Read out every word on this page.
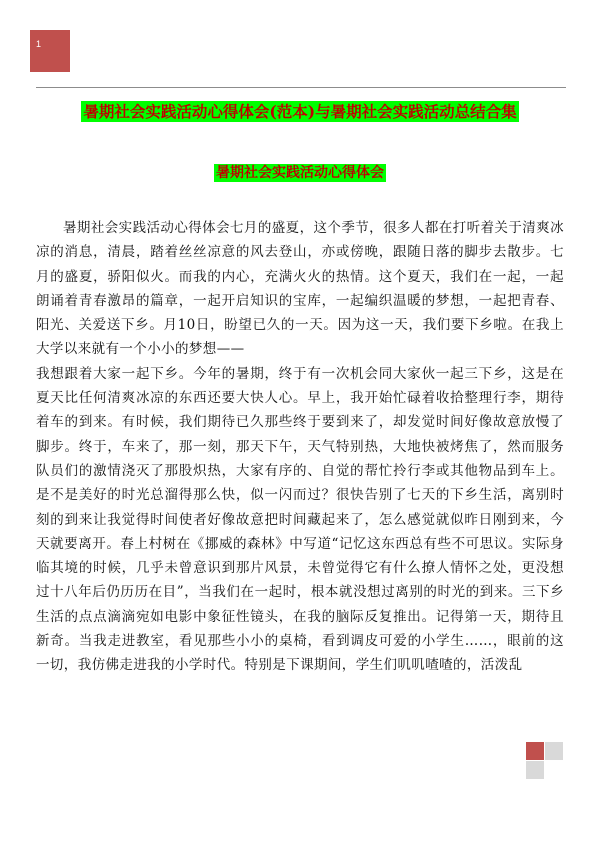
1
暑期社会实践活动心得体会(范本)与暑期社会实践活动总结合集
暑期社会实践活动心得体会

暑期社会实践活动心得体会七月的盛夏，这个季节，很多人都在打听着关于清爽冰凉的消息，清晨，踏着丝丝凉意的风去登山，亦或傍晚，跟随日落的脚步去散步。七月的盛夏，骄阳似火。而我的内心，充满火火的热情。这个夏天，我们在一起，一起朗诵着青春激昂的篇章，一起开启知识的宝库，一起编织温暖的梦想，一起把青春、阳光、关爱送下乡。月10日，盼望已久的一天。因为这一天，我们要下乡啦。在我上大学以来就有一个小小的梦想——

我想跟着大家一起下乡。今年的暑期，终于有一次机会同大家伙一起三下乡，这是在夏天比任何清爽冰凉的东西还要大快人心。早上，我开始忙碌着收拾整理行李，期待着车的到来。有时候，我们期待已久那些终于要到来了，却发觉时间好像故意放慢了脚步。终于，车来了，那一刻，那天下午，天气特别热，大地快被烤焦了，然而服务队员们的激情浇灭了那股炽热，大家有序的、自觉的帮忙拎行李或其他物品到车上。是不是美好的时光总溜得那么快，似一闪而过？很快告别了七天的下乡生活，离别时刻的到来让我觉得时间使者好像故意把时间藏起来了，怎么感觉就似昨日刚到来，今天就要离开。春上村树在《挪威的森林》中写道“记忆这东西总有些不可思议。实际身临其境的时候，几乎未曾意识到那片风景，未曾觉得它有什么撩人情怀之处，更没想过十八年后仍历历在目”，当我们在一起时，根本就没想过离别的时光的到来。三下乡生活的点点滴滴宛如电影中象征性镜头，在我的脑际反复推出。记得第一天，期待且新奇。当我走进教室，看见那些小小的桌椅，看到调皮可爱的小学生……，眼前的这一切，我仿佛走进我的小学时代。特别是下课期间，学生们叽叽喳喳的，活泼乱
